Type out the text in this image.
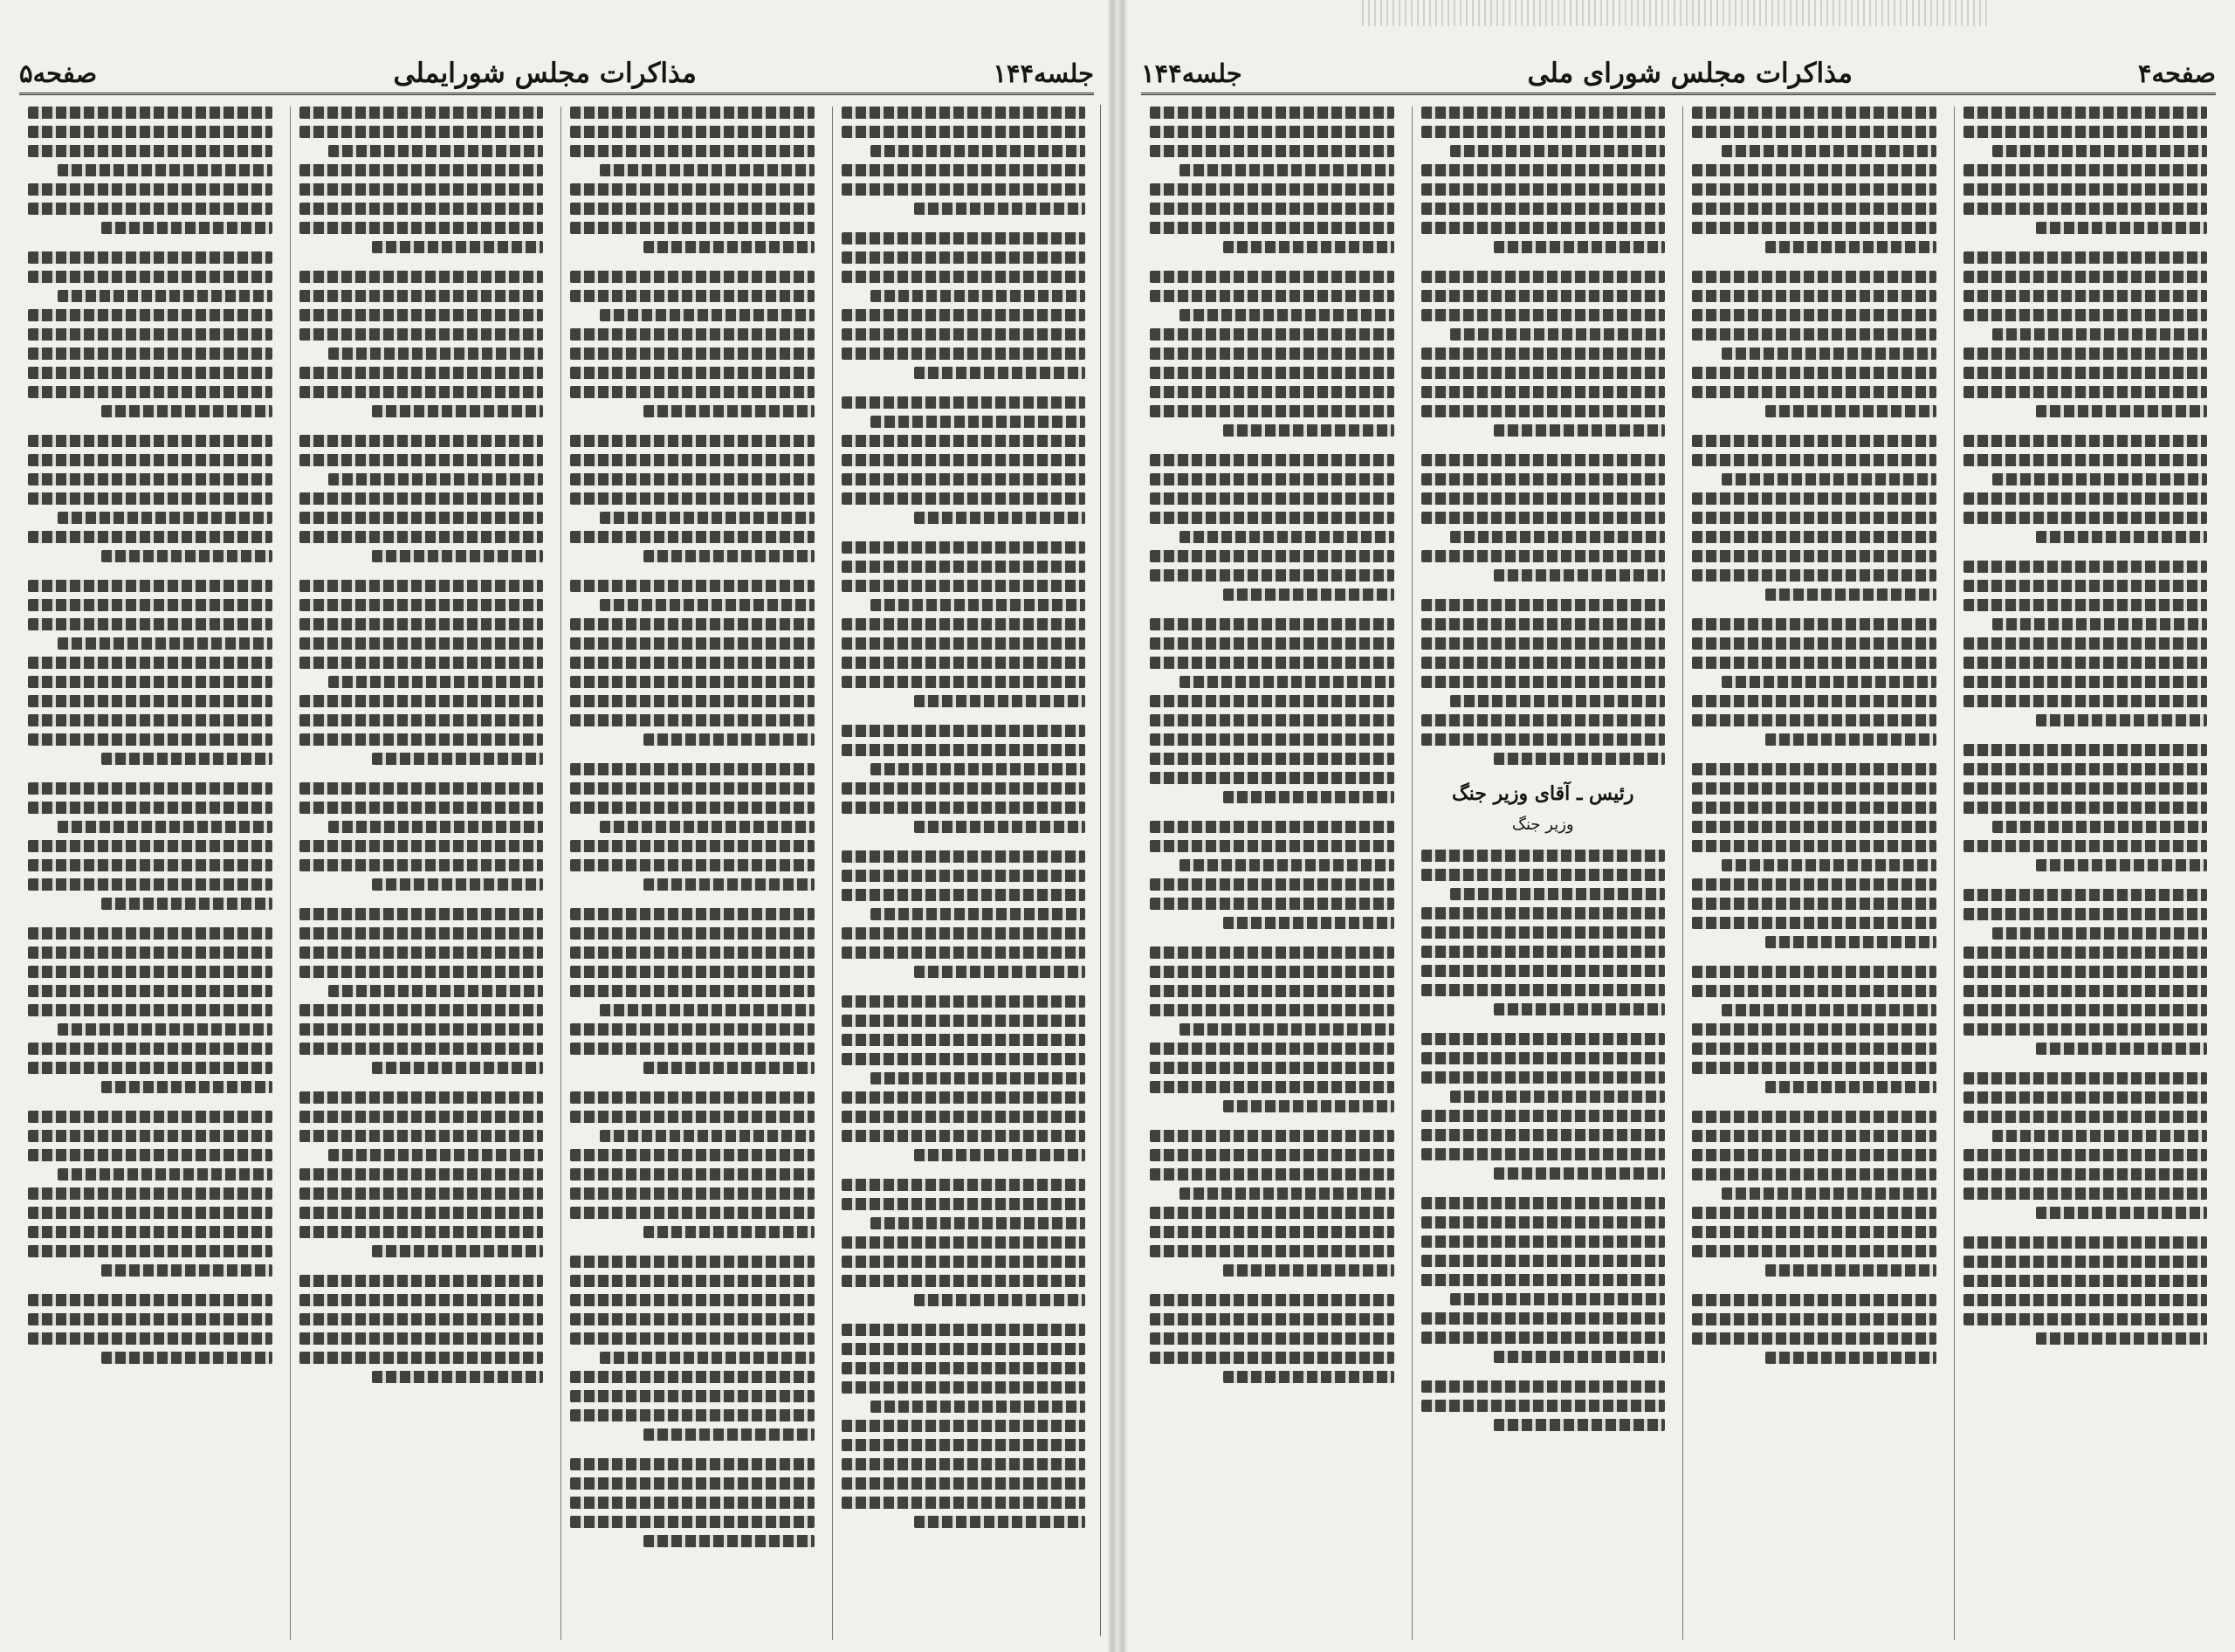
جلسه۱۴۴
مذاکرات مجلس شورایملی
صفحه۵	صفحه۴
مذاکرات مجلس شورای ملی
جلسه۱۴۴
رئیس ـ آقای وزیر جنگ
وزیر جنگ
